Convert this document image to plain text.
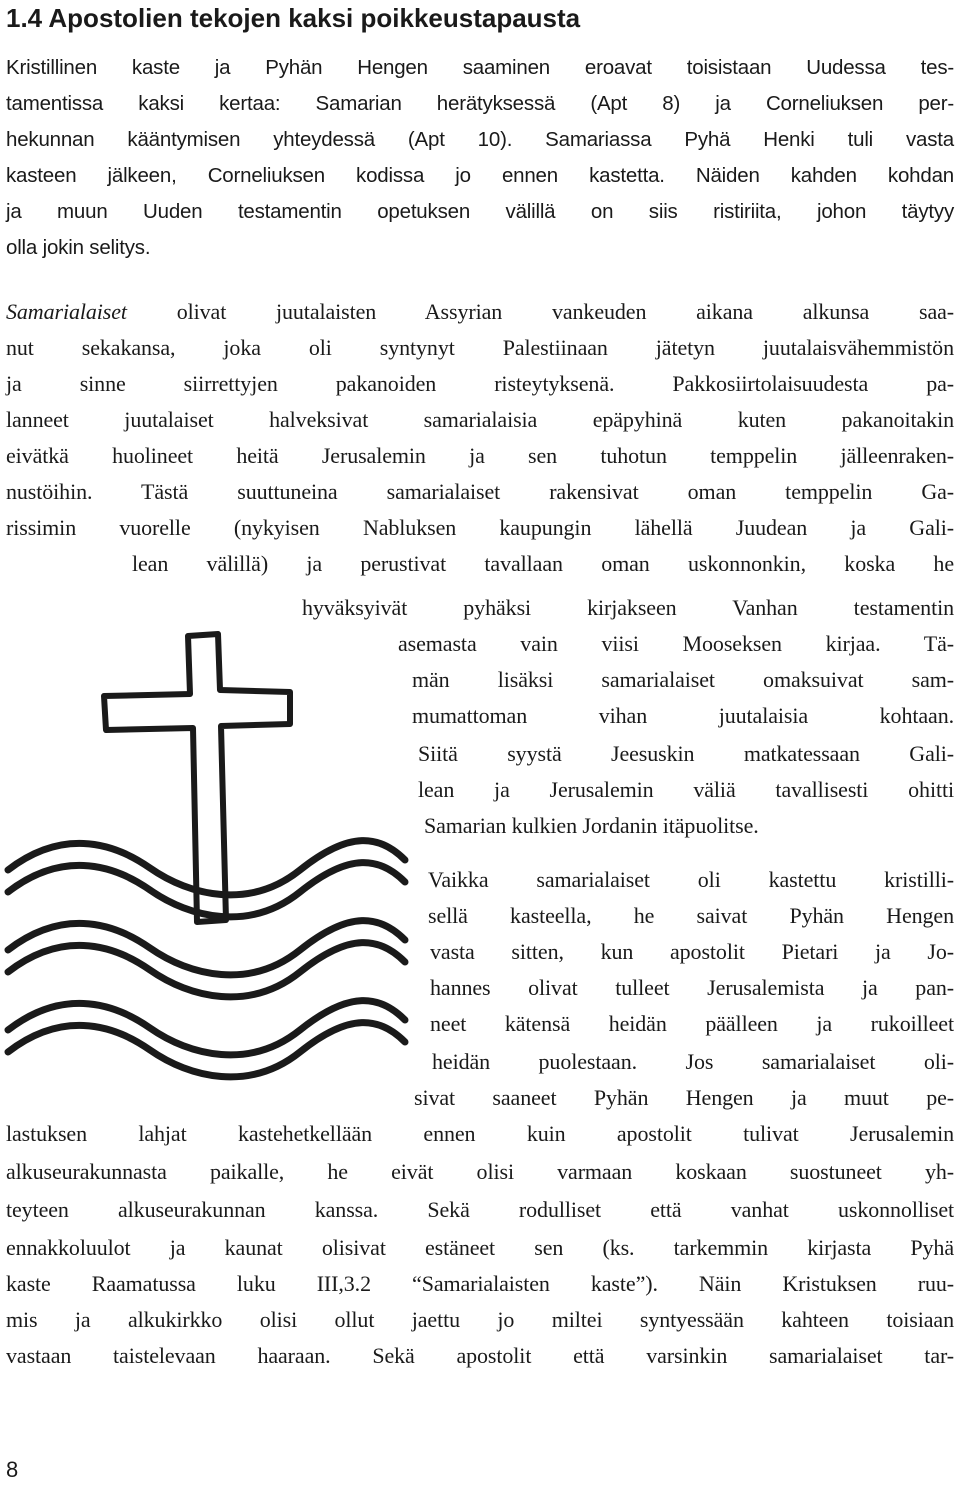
1.4 Apostolien tekojen kaksi poikkeustapausta

Kristillinen kaste ja Pyhän Hengen saaminen eroavat toisistaan Uudessa tes-

tamentissa kaksi kertaa: Samarian herätyksessä (Apt 8) ja Corneliuksen per-

hekunnan kääntymisen yhteydessä (Apt 10). Samariassa Pyhä Henki tuli vasta

kasteen jälkeen, Corneliuksen kodissa jo ennen kastetta. Näiden kahden kohdan

ja muun Uuden testamentin opetuksen välillä on siis ristiriita, johon täytyy

olla jokin selitys.

Samarialaiset olivat juutalaisten Assyrian vankeuden aikana alkunsa saa-

nut sekakansa, joka oli syntynyt Palestiinaan jätetyn juutalaisvähemmistön

ja sinne siirrettyjen pakanoiden risteytyksenä. Pakkosiirtolaisuudesta pa-

lanneet juutalaiset halveksivat samarialaisia epäpyhinä kuten pakanoitakin

eivätkä huolineet heitä Jerusalemin ja sen tuhotun temppelin jälleenraken-

nustöihin. Tästä suuttuneina samarialaiset rakensivat oman temppelin Ga-

rissimin vuorelle (nykyisen Nabluksen kaupungin lähellä Juudean ja Gali-

lean välillä) ja perustivat tavallaan oman uskonnonkin, koska he

hyväksyivät pyhäksi kirjakseen Vanhan testamentin

asemasta vain viisi Mooseksen kirjaa. Tä-

män lisäksi samarialaiset omaksuivat sam-

mumattoman vihan juutalaisia kohtaan.

Siitä syystä Jeesuskin matkatessaan Gali-

lean ja Jerusalemin väliä tavallisesti ohitti

Samarian kulkien Jordanin itäpuolitse.

Vaikka samarialaiset oli kastettu kristilli-

sellä kasteella, he saivat Pyhän Hengen

vasta sitten, kun apostolit Pietari ja Jo-

hannes olivat tulleet Jerusalemista ja pan-

neet kätensä heidän päälleen ja rukoilleet

heidän puolestaan. Jos samarialaiset oli-

sivat saaneet Pyhän Hengen ja muut pe-

lastuksen lahjat kastehetkellään ennen kuin apostolit tulivat Jerusalemin

alkuseurakunnasta paikalle, he eivät olisi varmaan koskaan suostuneet yh-

teyteen alkuseurakunnan kanssa. Sekä rodulliset että vanhat uskonnolliset

ennakkoluulot ja kaunat olisivat estäneet sen (ks. tarkemmin kirjasta Pyhä

kaste Raamatussa luku III,3.2 “Samarialaisten kaste”). Näin Kristuksen ruu-

mis ja alkukirkko olisi ollut jaettu jo miltei syntyessään kahteen toisiaan

vastaan taistelevaan haaraan. Sekä apostolit että varsinkin samarialaiset tar-

8
